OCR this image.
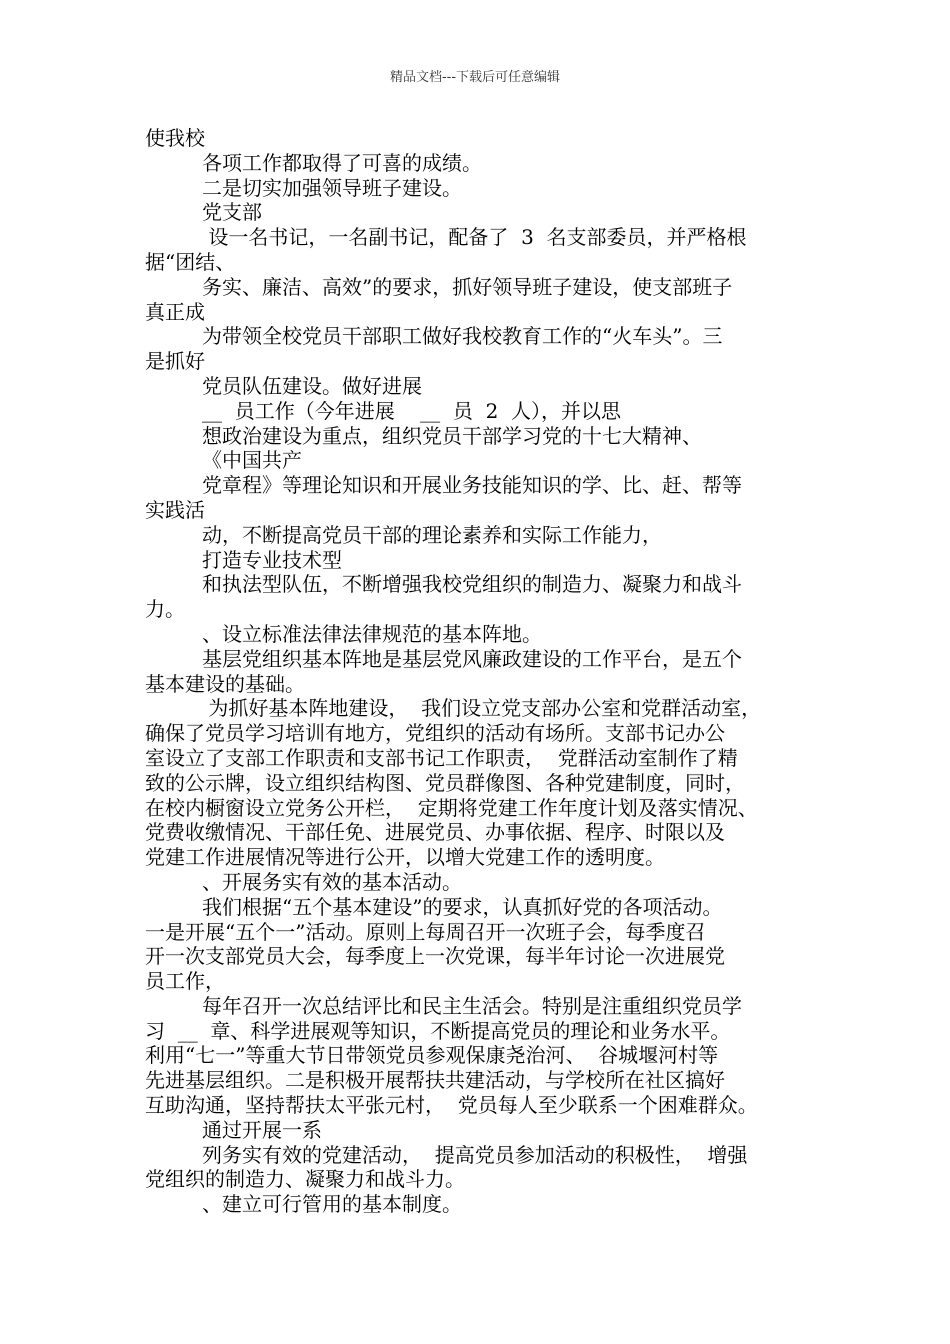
精品文档---下载后可任意编辑
使我校
各项工作都取得了可喜的成绩。
二是切实加强领导班子建设。
党支部
设一名书记，一名副书记，配备了  3  名支部委员，并严格根
据“团结、
务实、廉洁、高效”的要求，抓好领导班子建设，使支部班子
真正成
为带领全校党员干部职工做好我校教育工作的“火车头”。三
是抓好
党员队伍建设。做好进展
__  员工作（今年进展    __  员  2  人），并以思
想政治建设为重点，组织党员干部学习党的十七大精神、
《中国共产
党章程》等理论知识和开展业务技能知识的学、比、赶、帮等
实践活
动，不断提高党员干部的理论素养和实际工作能力，
打造专业技术型
和执法型队伍，不断增强我校党组织的制造力、凝聚力和战斗
力。
、设立标准法律法律规范的基本阵地。
基层党组织基本阵地是基层党风廉政建设的工作平台，是五个
基本建设的基础。
为抓好基本阵地建设，  我们设立党支部办公室和党群活动室，
确保了党员学习培训有地方，党组织的活动有场所。支部书记办公
室设立了支部工作职责和支部书记工作职责，  党群活动室制作了精
致的公示牌，设立组织结构图、党员群像图、各种党建制度，同时，
在校内橱窗设立党务公开栏，  定期将党建工作年度计划及落实情况、
党费收缴情况、干部任免、进展党员、办事依据、程序、时限以及
党建工作进展情况等进行公开，以增大党建工作的透明度。
、开展务实有效的基本活动。
我们根据“五个基本建设”的要求，认真抓好党的各项活动。
一是开展“五个一”活动。原则上每周召开一次班子会，每季度召
开一次支部党员大会，每季度上一次党课，每半年讨论一次进展党
员工作，
每年召开一次总结评比和民主生活会。特别是注重组织党员学
习  __  章、科学进展观等知识，不断提高党员的理论和业务水平。
利用“七一”等重大节日带领党员参观保康尧治河、  谷城堰河村等
先进基层组织。二是积极开展帮扶共建活动，与学校所在社区搞好
互助沟通，坚持帮扶太平张元村，  党员每人至少联系一个困难群众。
通过开展一系
列务实有效的党建活动，  提高党员参加活动的积极性，  增强
党组织的制造力、凝聚力和战斗力。
、建立可行管用的基本制度。
